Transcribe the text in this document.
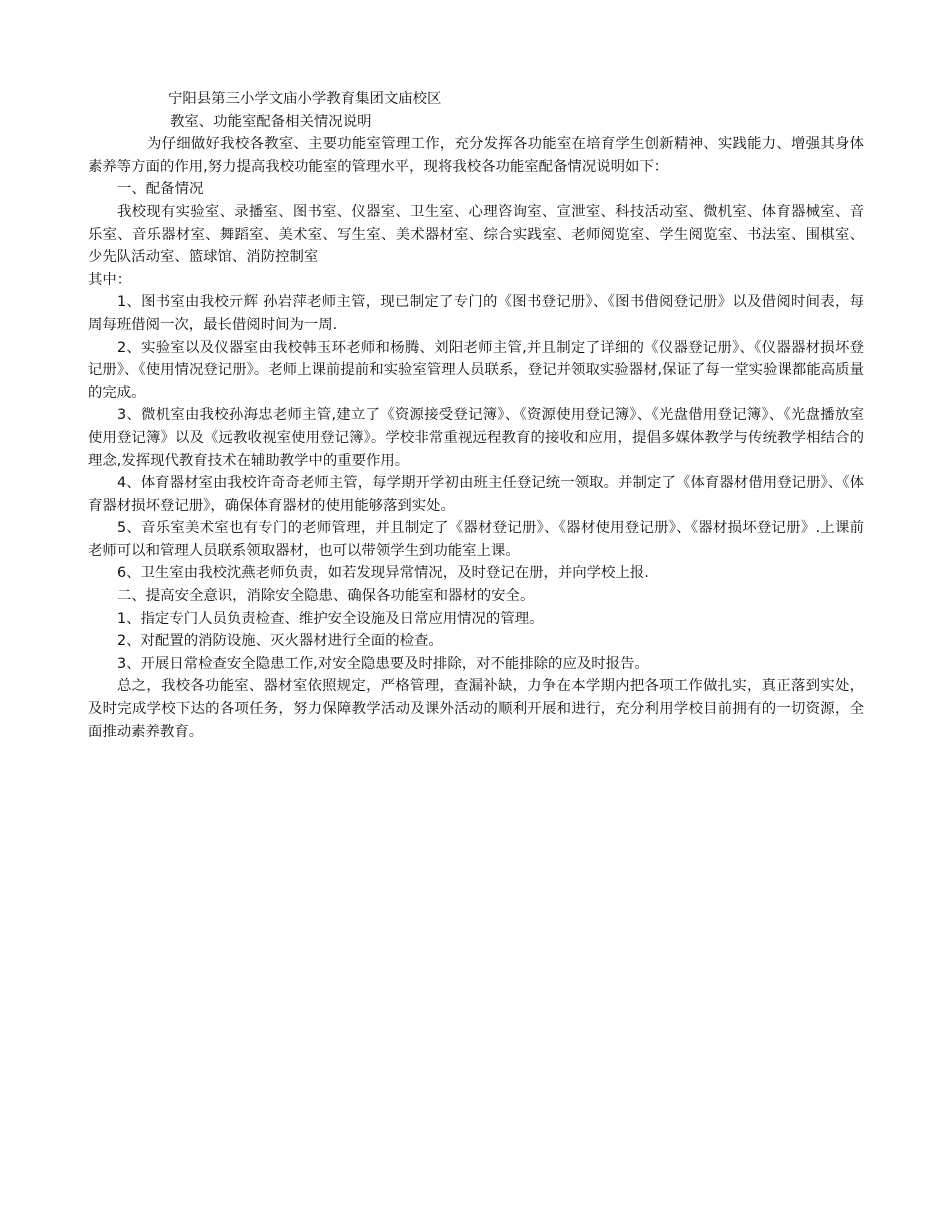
宁阳县第三小学文庙小学教育集团文庙校区

教室、功能室配备相关情况说明

为仔细做好我校各教室、主要功能室管理工作，充分发挥各功能室在培育学生创新精神、实践能力、增强其身体素养等方面的作用,努力提高我校功能室的管理水平，现将我校各功能室配备情况说明如下：

一、配备情况

我校现有实验室、录播室、图书室、仪器室、卫生室、心理咨询室、宣泄室、科技活动室、微机室、体育器械室、音乐室、音乐器材室、舞蹈室、美术室、写生室、美术器材室、综合实践室、老师阅览室、学生阅览室、书法室、围棋室、少先队活动室、篮球馆、消防控制室

其中：

1、图书室由我校亓辉 孙岩萍老师主管，现已制定了专门的《图书登记册》、《图书借阅登记册》以及借阅时间表，每周每班借阅一次，最长借阅时间为一周.

2、实验室以及仪器室由我校韩玉环老师和杨腾、刘阳老师主管,并且制定了详细的《仪器登记册》、《仪器器材损坏登记册》、《使用情况登记册》。老师上课前提前和实验室管理人员联系，登记并领取实验器材,保证了每一堂实验课都能高质量的完成。

3、微机室由我校孙海忠老师主管,建立了《资源接受登记簿》、《资源使用登记簿》、《光盘借用登记簿》、《光盘播放室使用登记簿》以及《远教收视室使用登记簿》。学校非常重视远程教育的接收和应用，提倡多媒体教学与传统教学相结合的理念,发挥现代教育技术在辅助教学中的重要作用。

4、体育器材室由我校许奇奇老师主管，每学期开学初由班主任登记统一领取。并制定了《体育器材借用登记册》、《体育器材损坏登记册》，确保体育器材的使用能够落到实处。

5、音乐室美术室也有专门的老师管理，并且制定了《器材登记册》、《器材使用登记册》、《器材损坏登记册》.上课前老师可以和管理人员联系领取器材，也可以带领学生到功能室上课。

6、卫生室由我校沈燕老师负责，如若发现异常情况，及时登记在册，并向学校上报.

二、提高安全意识，消除安全隐患、确保各功能室和器材的安全。

1、指定专门人员负责检查、维护安全设施及日常应用情况的管理。

2、对配置的消防设施、灭火器材进行全面的检查。

3、开展日常检查安全隐患工作,对安全隐患要及时排除，对不能排除的应及时报告。

总之，我校各功能室、器材室依照规定，严格管理，查漏补缺，力争在本学期内把各项工作做扎实，真正落到实处，及时完成学校下达的各项任务，努力保障教学活动及课外活动的顺利开展和进行，充分利用学校目前拥有的一切资源，全面推动素养教育。
